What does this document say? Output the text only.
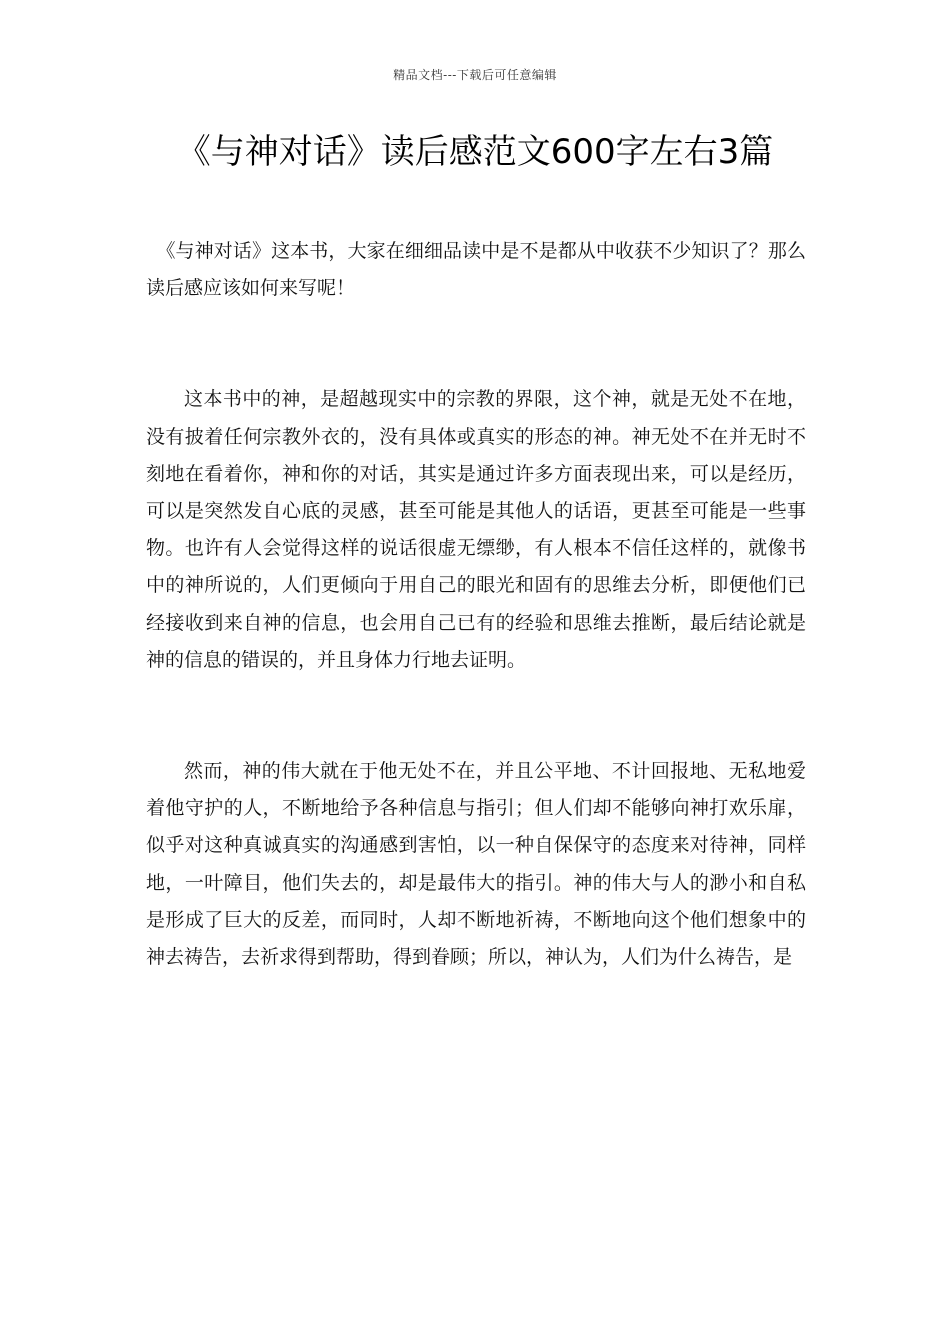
精品文档---下载后可任意编辑
《与神对话》读后感范文600字左右3篇

《与神对话》这本书，大家在细细品读中是不是都从中收获不少知识了？那么读后感应该如何来写呢！

这本书中的神，是超越现实中的宗教的界限，这个神，就是无处不在地，没有披着任何宗教外衣的，没有具体或真实的形态的神。神无处不在并无时不刻地在看着你，神和你的对话，其实是通过许多方面表现出来，可以是经历，可以是突然发自心底的灵感，甚至可能是其他人的话语，更甚至可能是一些事物。也许有人会觉得这样的说话很虚无缥缈，有人根本不信任这样的，就像书中的神所说的，人们更倾向于用自己的眼光和固有的思维去分析，即便他们已经接收到来自神的信息，也会用自己已有的经验和思维去推断，最后结论就是神的信息的错误的，并且身体力行地去证明。

然而，神的伟大就在于他无处不在，并且公平地、不计回报地、无私地爱着他守护的人，不断地给予各种信息与指引；但人们却不能够向神打欢乐扉，似乎对这种真诚真实的沟通感到害怕，以一种自保保守的态度来对待神，同样地，一叶障目，他们失去的，却是最伟大的指引。神的伟大与人的渺小和自私是形成了巨大的反差，而同时，人却不断地祈祷，不断地向这个他们想象中的神去祷告，去祈求得到帮助，得到眷顾；所以，神认为，人们为什么祷告，是
